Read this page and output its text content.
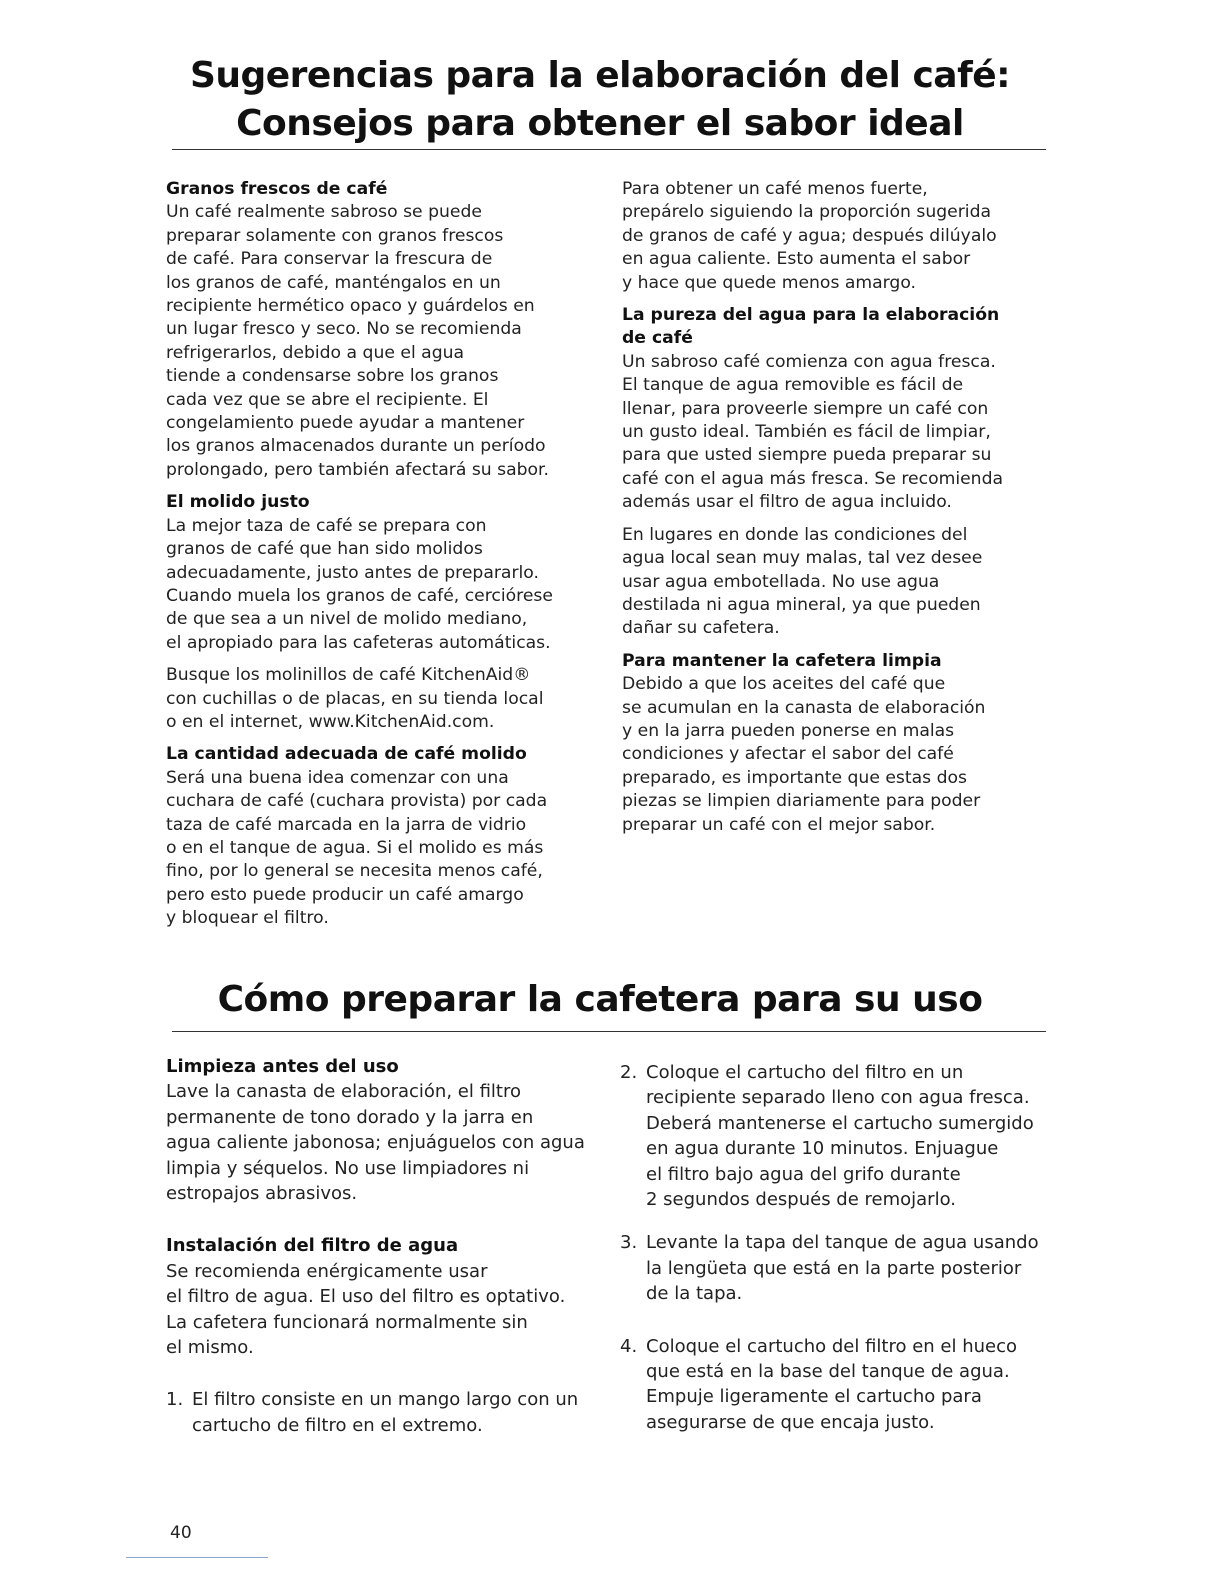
Sugerencias para la elaboración del café:
Consejos para obtener el sabor ideal
Granos frescos de café

Un café realmente sabroso se puede
preparar solamente con granos frescos
de café. Para conservar la frescura de
los granos de café, manténgalos en un
recipiente hermético opaco y guárdelos en
un lugar fresco y seco. No se recomienda
refrigerarlos, debido a que el agua
tiende a condensarse sobre los granos
cada vez que se abre el recipiente. El
congelamiento puede ayudar a mantener
los granos almacenados durante un período
prolongado, pero también afectará su sabor.

El molido justo

La mejor taza de café se prepara con
granos de café que han sido molidos
adecuadamente, justo antes de prepararlo.
Cuando muela los granos de café, cerciórese
de que sea a un nivel de molido mediano,
el apropiado para las cafeteras automáticas.

Busque los molinillos de café KitchenAid®
con cuchillas o de placas, en su tienda local
o en el internet, www.KitchenAid.com.

La cantidad adecuada de café molido

Será una buena idea comenzar con una
cuchara de café (cuchara provista) por cada
taza de café marcada en la jarra de vidrio
o en el tanque de agua. Si el molido es más
fino, por lo general se necesita menos café,
pero esto puede producir un café amargo
y bloquear el filtro.

Para obtener un café menos fuerte,
prepárelo siguiendo la proporción sugerida
de granos de café y agua; después dilúyalo
en agua caliente. Esto aumenta el sabor
y hace que quede menos amargo.

La pureza del agua para la elaboración
de café

Un sabroso café comienza con agua fresca.
El tanque de agua removible es fácil de
llenar, para proveerle siempre un café con
un gusto ideal. También es fácil de limpiar,
para que usted siempre pueda preparar su
café con el agua más fresca. Se recomienda
además usar el filtro de agua incluido.

En lugares en donde las condiciones del
agua local sean muy malas, tal vez desee
usar agua embotellada. No use agua
destilada ni agua mineral, ya que pueden
dañar su cafetera.

Para mantener la cafetera limpia

Debido a que los aceites del café que
se acumulan en la canasta de elaboración
y en la jarra pueden ponerse en malas
condiciones y afectar el sabor del café
preparado, es importante que estas dos
piezas se limpien diariamente para poder
preparar un café con el mejor sabor.

Cómo preparar la cafetera para su uso
Limpieza antes del uso

Lave la canasta de elaboración, el filtro
permanente de tono dorado y la jarra en
agua caliente jabonosa; enjuáguelos con agua
limpia y séquelos. No use limpiadores ni
estropajos abrasivos.

Instalación del filtro de agua

Se recomienda enérgicamente usar
el filtro de agua. El uso del filtro es optativo.
La cafetera funcionará normalmente sin
el mismo.

1. El filtro consiste en un mango largo con un
cartucho de filtro en el extremo.
2. Coloque el cartucho del filtro en un
recipiente separado lleno con agua fresca.
Deberá mantenerse el cartucho sumergido
en agua durante 10 minutos. Enjuague
el filtro bajo agua del grifo durante
2 segundos después de remojarlo.
3. Levante la tapa del tanque de agua usando
la lengüeta que está en la parte posterior
de la tapa.
4. Coloque el cartucho del filtro en el hueco
que está en la base del tanque de agua.
Empuje ligeramente el cartucho para
asegurarse de que encaja justo.
40
